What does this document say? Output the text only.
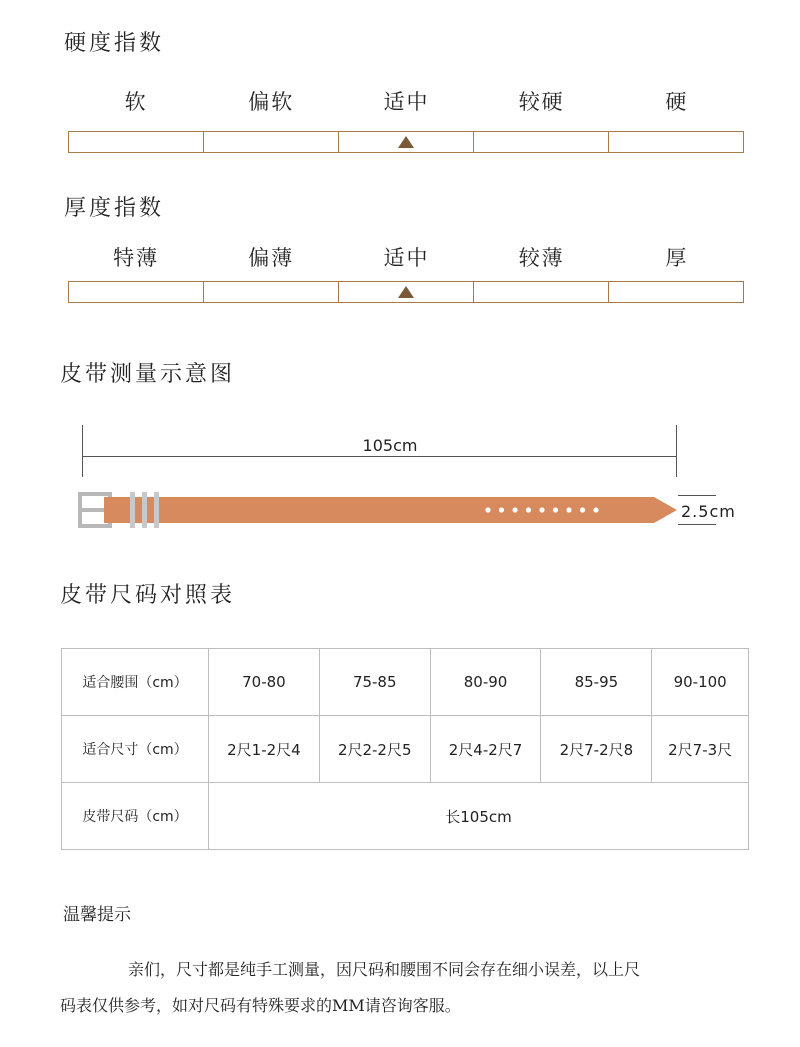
硬度指数
软	偏软	适中	较硬	硬
厚度指数
特薄	偏薄	适中	较薄	厚
皮带测量示意图
105cm
2.5cm
皮带尺码对照表
适合腰围（cm）	70-80	75-85	80-90	85-95	90-100
适合尺寸（cm）	2尺1-2尺4	2尺2-2尺5	2尺4-2尺7	2尺7-2尺8	2尺7-3尺
皮带尺码（cm）	长105cm				
温馨提示
亲们，尺寸都是纯手工测量，因尺码和腰围不同会存在细小误差，以上尺
码表仅供参考，如对尺码有特殊要求的MM请咨询客服。
